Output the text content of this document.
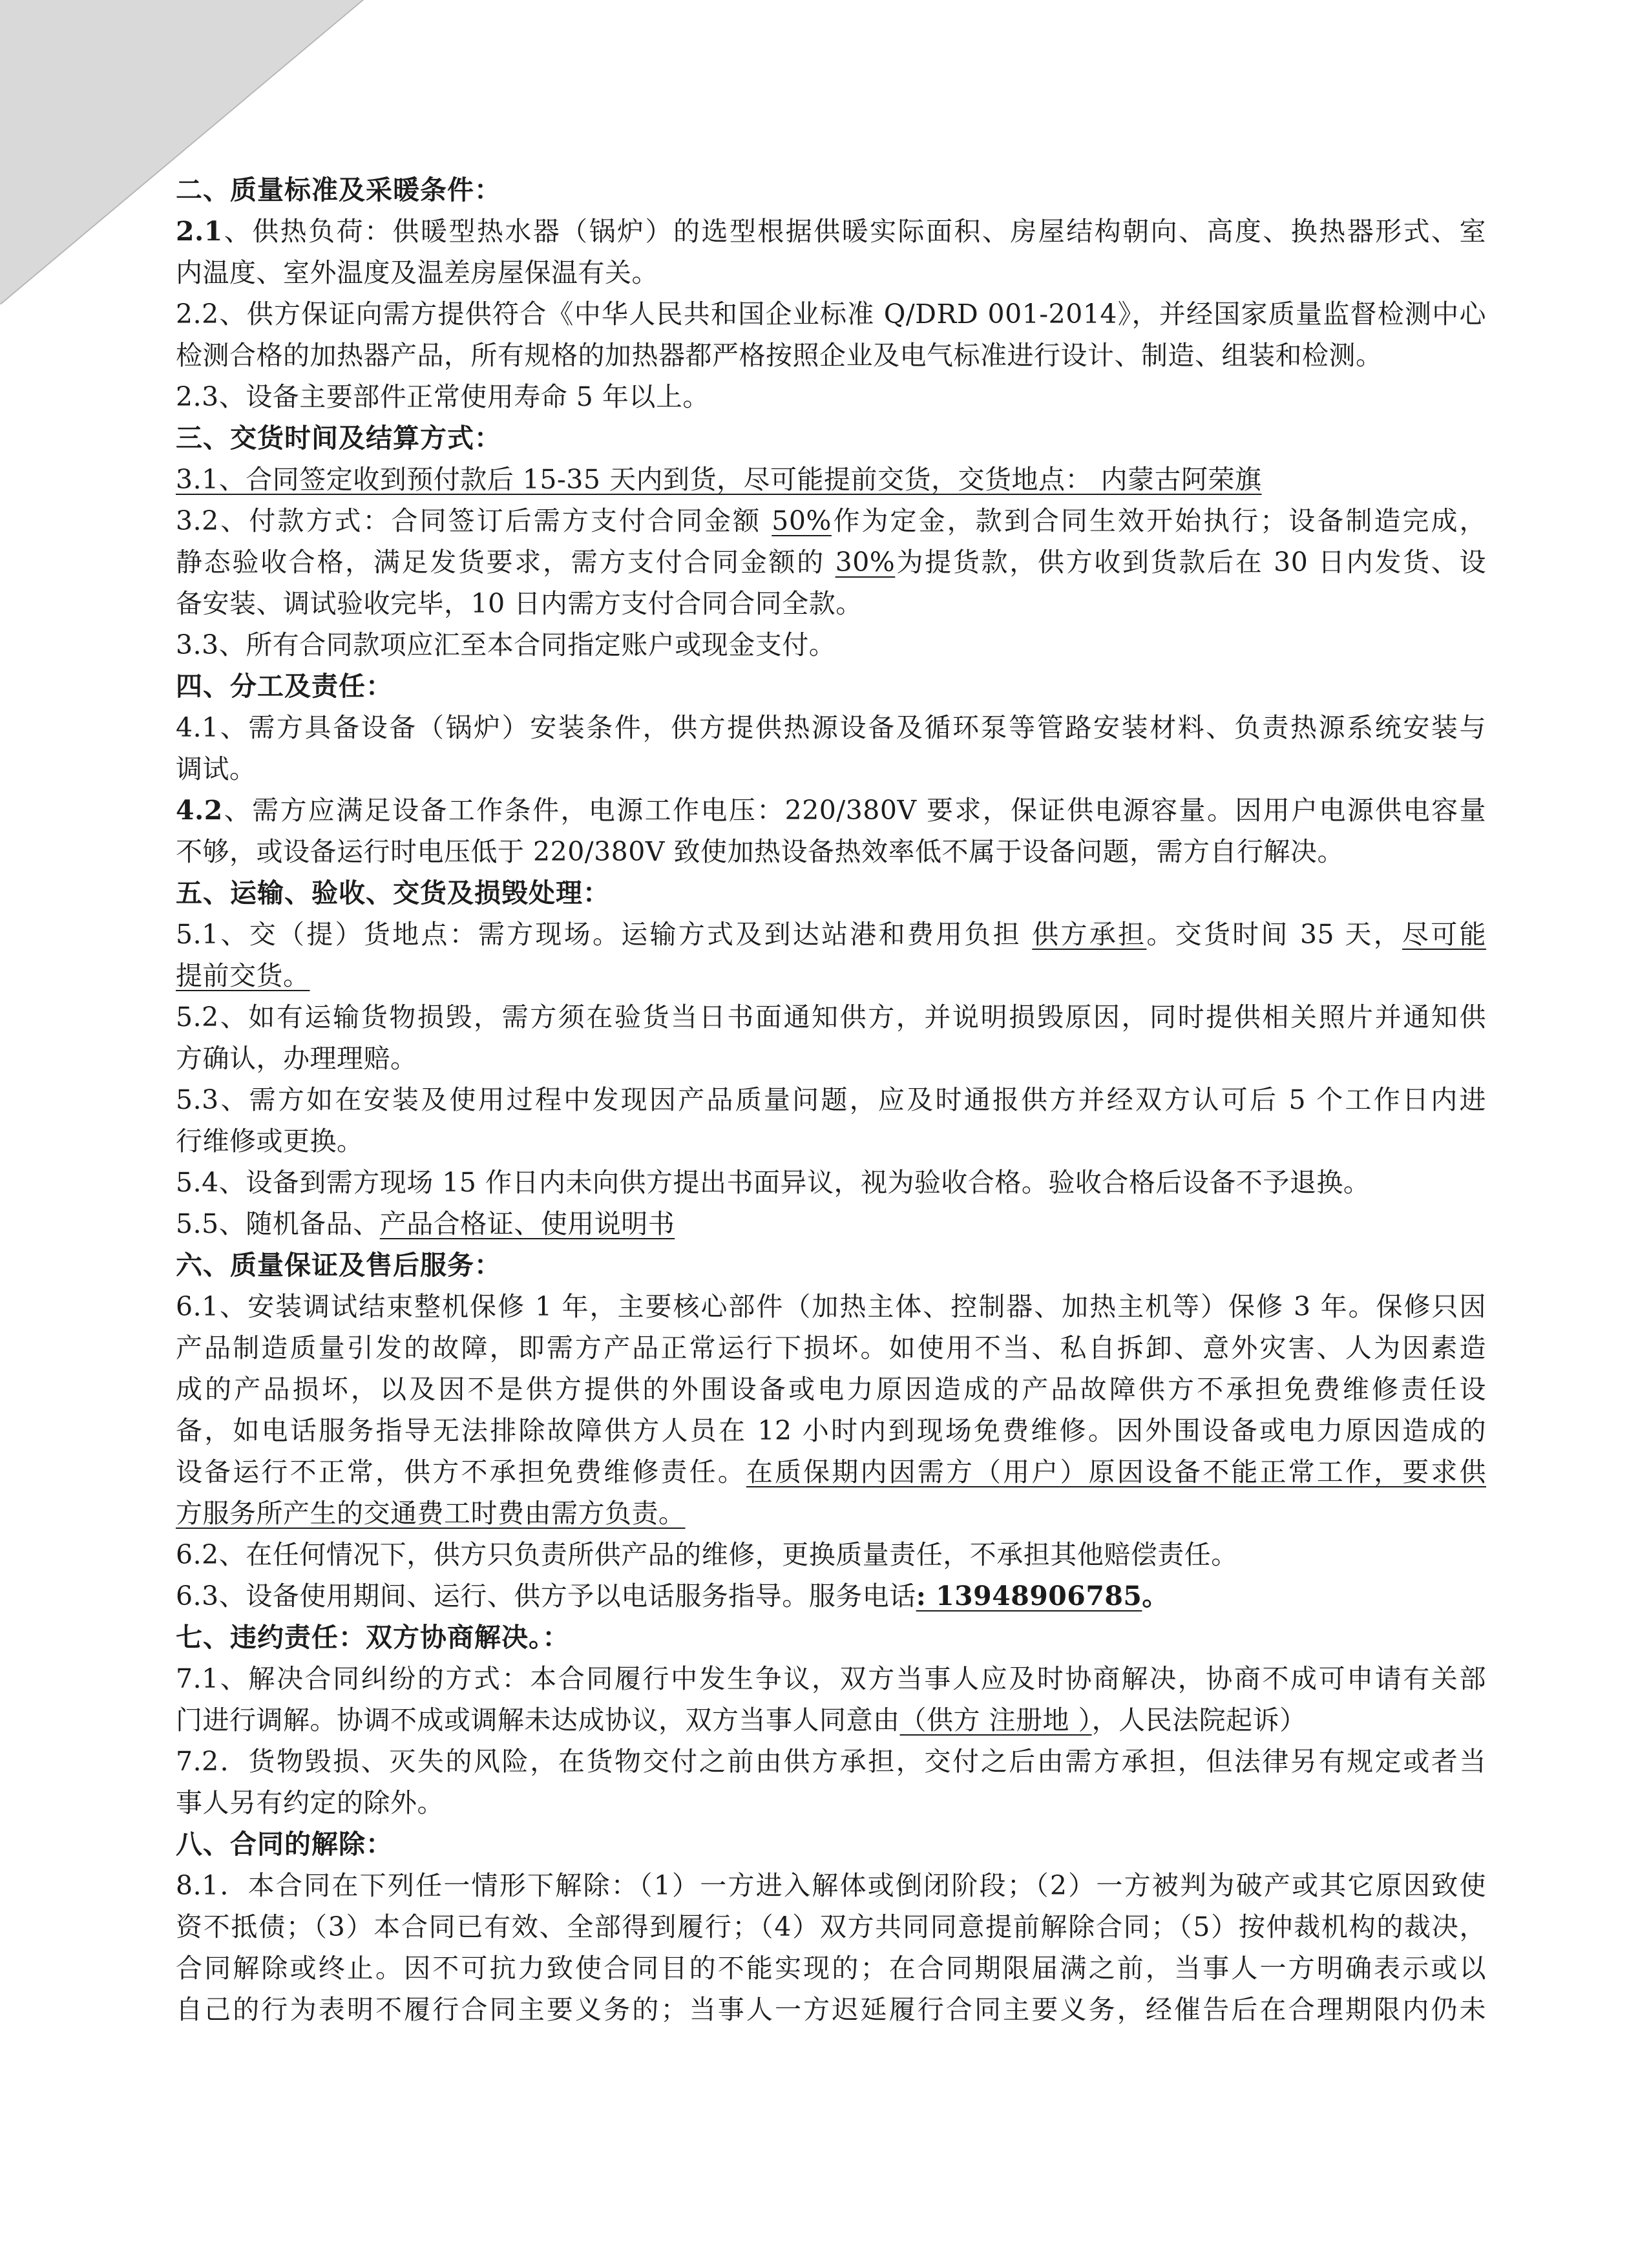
二、质量标准及采暖条件：
2.1、供热负荷：供暖型热水器（锅炉）的选型根据供暖实际面积、房屋结构朝向、高度、换热器形式、室
内温度、室外温度及温差房屋保温有关。
2.2、供方保证向需方提供符合《中华人民共和国企业标准 Q/DRD 001-2014》，并经国家质量监督检测中心
检测合格的加热器产品，所有规格的加热器都严格按照企业及电气标准进行设计、制造、组装和检测。
2.3、设备主要部件正常使用寿命 5 年以上。
三、交货时间及结算方式：
3.1、合同签定收到预付款后 15-35 天内到货，尽可能提前交货，交货地点： 内蒙古阿荣旗
3.2、付款方式：合同签订后需方支付合同金额 50%作为定金，款到合同生效开始执行；设备制造完成，
静态验收合格，满足发货要求，需方支付合同金额的 30%为提货款，供方收到货款后在 30 日内发货、设
备安装、调试验收完毕，10 日内需方支付合同合同全款。
3.3、所有合同款项应汇至本合同指定账户或现金支付。
四、分工及责任：
4.1、需方具备设备（锅炉）安装条件，供方提供热源设备及循环泵等管路安装材料、负责热源系统安装与
调试。
4.2、需方应满足设备工作条件，电源工作电压：220/380V 要求，保证供电源容量。因用户电源供电容量
不够，或设备运行时电压低于 220/380V 致使加热设备热效率低不属于设备问题，需方自行解决。
五、运输、验收、交货及损毁处理：
5.1、交（提）货地点：需方现场。运输方式及到达站港和费用负担 供方承担。交货时间 35 天，尽可能
提前交货。
5.2、如有运输货物损毁，需方须在验货当日书面通知供方，并说明损毁原因，同时提供相关照片并通知供
方确认，办理理赔。
5.3、需方如在安装及使用过程中发现因产品质量问题，应及时通报供方并经双方认可后 5 个工作日内进
行维修或更换。
5.4、设备到需方现场 15 作日内未向供方提出书面异议，视为验收合格。验收合格后设备不予退换。
5.5、随机备品、产品合格证、使用说明书
六、质量保证及售后服务：
6.1、安装调试结束整机保修 1 年，主要核心部件（加热主体、控制器、加热主机等）保修 3 年。保修只因
产品制造质量引发的故障，即需方产品正常运行下损坏。如使用不当、私自拆卸、意外灾害、人为因素造
成的产品损坏，以及因不是供方提供的外围设备或电力原因造成的产品故障供方不承担免费维修责任设
备，如电话服务指导无法排除故障供方人员在 12 小时内到现场免费维修。因外围设备或电力原因造成的
设备运行不正常，供方不承担免费维修责任。在质保期内因需方（用户）原因设备不能正常工作，要求供
方服务所产生的交通费工时费由需方负责。
6.2、在任何情况下，供方只负责所供产品的维修，更换质量责任，不承担其他赔偿责任。
6.3、设备使用期间、运行、供方予以电话服务指导。服务电话: 13948906785。
七、违约责任：双方协商解决。：
7.1、解决合同纠纷的方式：本合同履行中发生争议，双方当事人应及时协商解决，协商不成可申请有关部
门进行调解。协调不成或调解未达成协议，双方当事人同意由（供方 注册地 ），人民法院起诉）
7.2．货物毁损、灭失的风险，在货物交付之前由供方承担，交付之后由需方承担，但法律另有规定或者当
事人另有约定的除外。
八、合同的解除：
8.1．本合同在下列任一情形下解除：（1）一方进入解体或倒闭阶段；（2）一方被判为破产或其它原因致使
资不抵债；（3）本合同已有效、全部得到履行；（4）双方共同同意提前解除合同；（5）按仲裁机构的裁决，
合同解除或终止。因不可抗力致使合同目的不能实现的；在合同期限届满之前，当事人一方明确表示或以
自己的行为表明不履行合同主要义务的；当事人一方迟延履行合同主要义务，经催告后在合理期限内仍未
